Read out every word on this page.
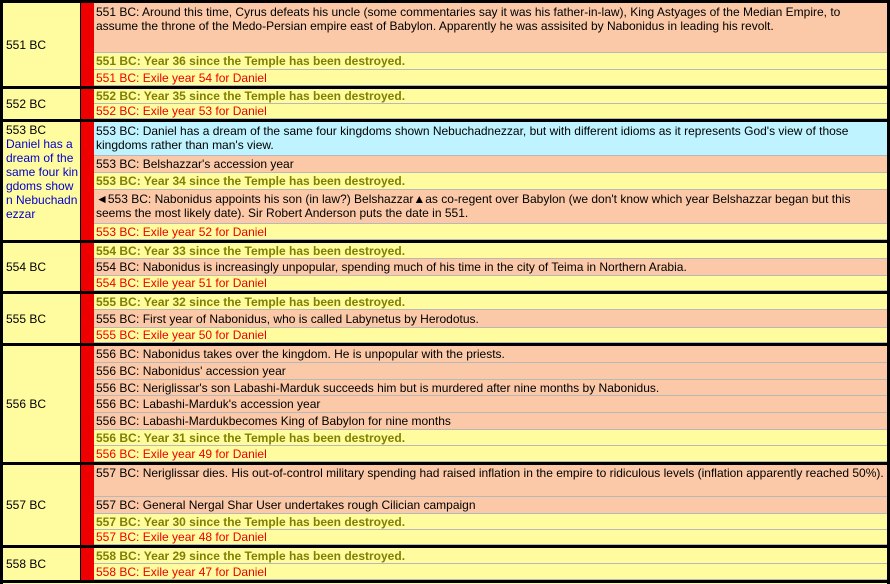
551 BC
551 BC: Around this time, Cyrus defeats his uncle (some commentaries say it was his father-in-law), King Astyages of the Median Empire, to assume the throne of the Medo-Persian empire east of Babylon. Apparently he was assisited by Nabonidus in leading his revolt.
551 BC: Year 36 since the Temple has been destroyed.
551 BC: Exile year 54 for Daniel
552 BC
552 BC: Year 35 since the Temple has been destroyed.
552 BC: Exile year 53 for Daniel
553 BC
Daniel has a dream of the same four kingdoms shown Nebuchadnezzar
553 BC: Daniel has a dream of the same four kingdoms shown Nebuchadnezzar, but with different idioms as it represents God's view of those kingdoms rather than man's view.
553 BC: Belshazzar's accession year
553 BC: Year 34 since the Temple has been destroyed.
◄553 BC: Nabonidus appoints his son (in law?) Belshazzar▲as co-regent over Babylon (we don't know which year Belshazzar began but this seems the most likely date). Sir Robert Anderson puts the date in 551.
553 BC: Exile year 52 for Daniel
554 BC
554 BC: Year 33 since the Temple has been destroyed.
554 BC: Nabonidus is increasingly unpopular, spending much of his time in the city of Teima in Northern Arabia.
554 BC: Exile year 51 for Daniel
555 BC
555 BC: Year 32 since the Temple has been destroyed.
555 BC: First year of Nabonidus, who is called Labynetus by Herodotus.
555 BC: Exile year 50 for Daniel
556 BC
556 BC: Nabonidus takes over the kingdom. He is unpopular with the priests.
556 BC: Nabonidus' accession year
556 BC: Neriglissar's son Labashi-Marduk succeeds him but is murdered after nine months by Nabonidus.
556 BC: Labashi-Marduk's accession year
556 BC: Labashi-Mardukbecomes King of Babylon for nine months
556 BC: Year 31 since the Temple has been destroyed.
556 BC: Exile year 49 for Daniel
557 BC
557 BC: Neriglissar dies. His out-of-control military spending had raised inflation in the empire to ridiculous levels (inflation apparently reached 50%).
557 BC: General Nergal Shar User undertakes rough Cilician campaign
557 BC: Year 30 since the Temple has been destroyed.
557 BC: Exile year 48 for Daniel
558 BC
558 BC: Year 29 since the Temple has been destroyed.
558 BC: Exile year 47 for Daniel
